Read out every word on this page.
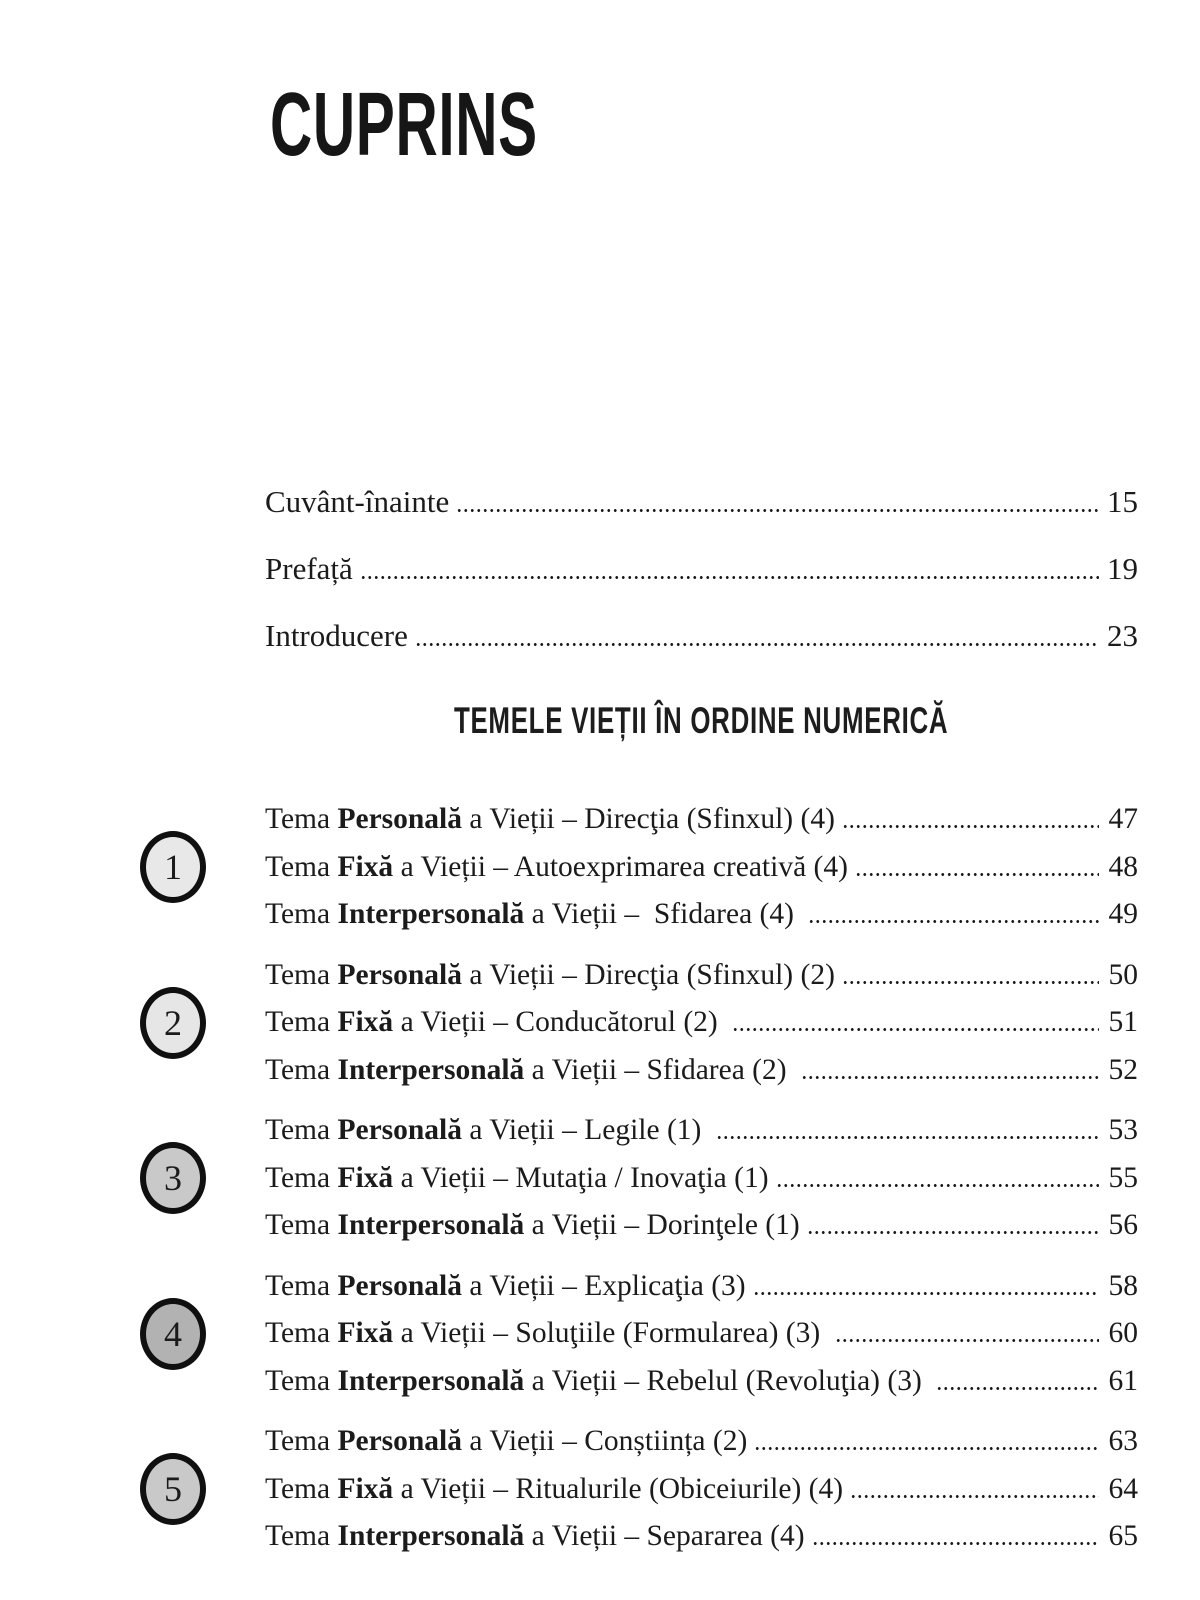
CUPRINS
Cuvânt-înainte	15
Prefață	19
Introducere	23
TEMELE VIEȚII ÎN ORDINE NUMERICĂ
1
Tema Personală a Vieții – Direcţia (Sfinxul) (4)	47
Tema Fixă a Vieții – Autoexprimarea creativă (4)	48
Tema Interpersonală a Vieții –  Sfidarea (4)	49
2
Tema Personală a Vieții – Direcţia (Sfinxul) (2)	50
Tema Fixă a Vieții – Conducătorul (2)	51
Tema Interpersonală a Vieții – Sfidarea (2)	52
3
Tema Personală a Vieții – Legile (1)	53
Tema Fixă a Vieții – Mutaţia / Inovaţia (1)	55
Tema Interpersonală a Vieții – Dorinţele (1)	56
4
Tema Personală a Vieții – Explicaţia (3)	58
Tema Fixă a Vieții – Soluţiile (Formularea) (3)	60
Tema Interpersonală a Vieții – Rebelul (Revoluţia) (3)	61
5
Tema Personală a Vieții – Conștiința (2)	63
Tema Fixă a Vieții – Ritualurile (Obiceiurile) (4)	64
Tema Interpersonală a Vieții – Separarea (4)	65
